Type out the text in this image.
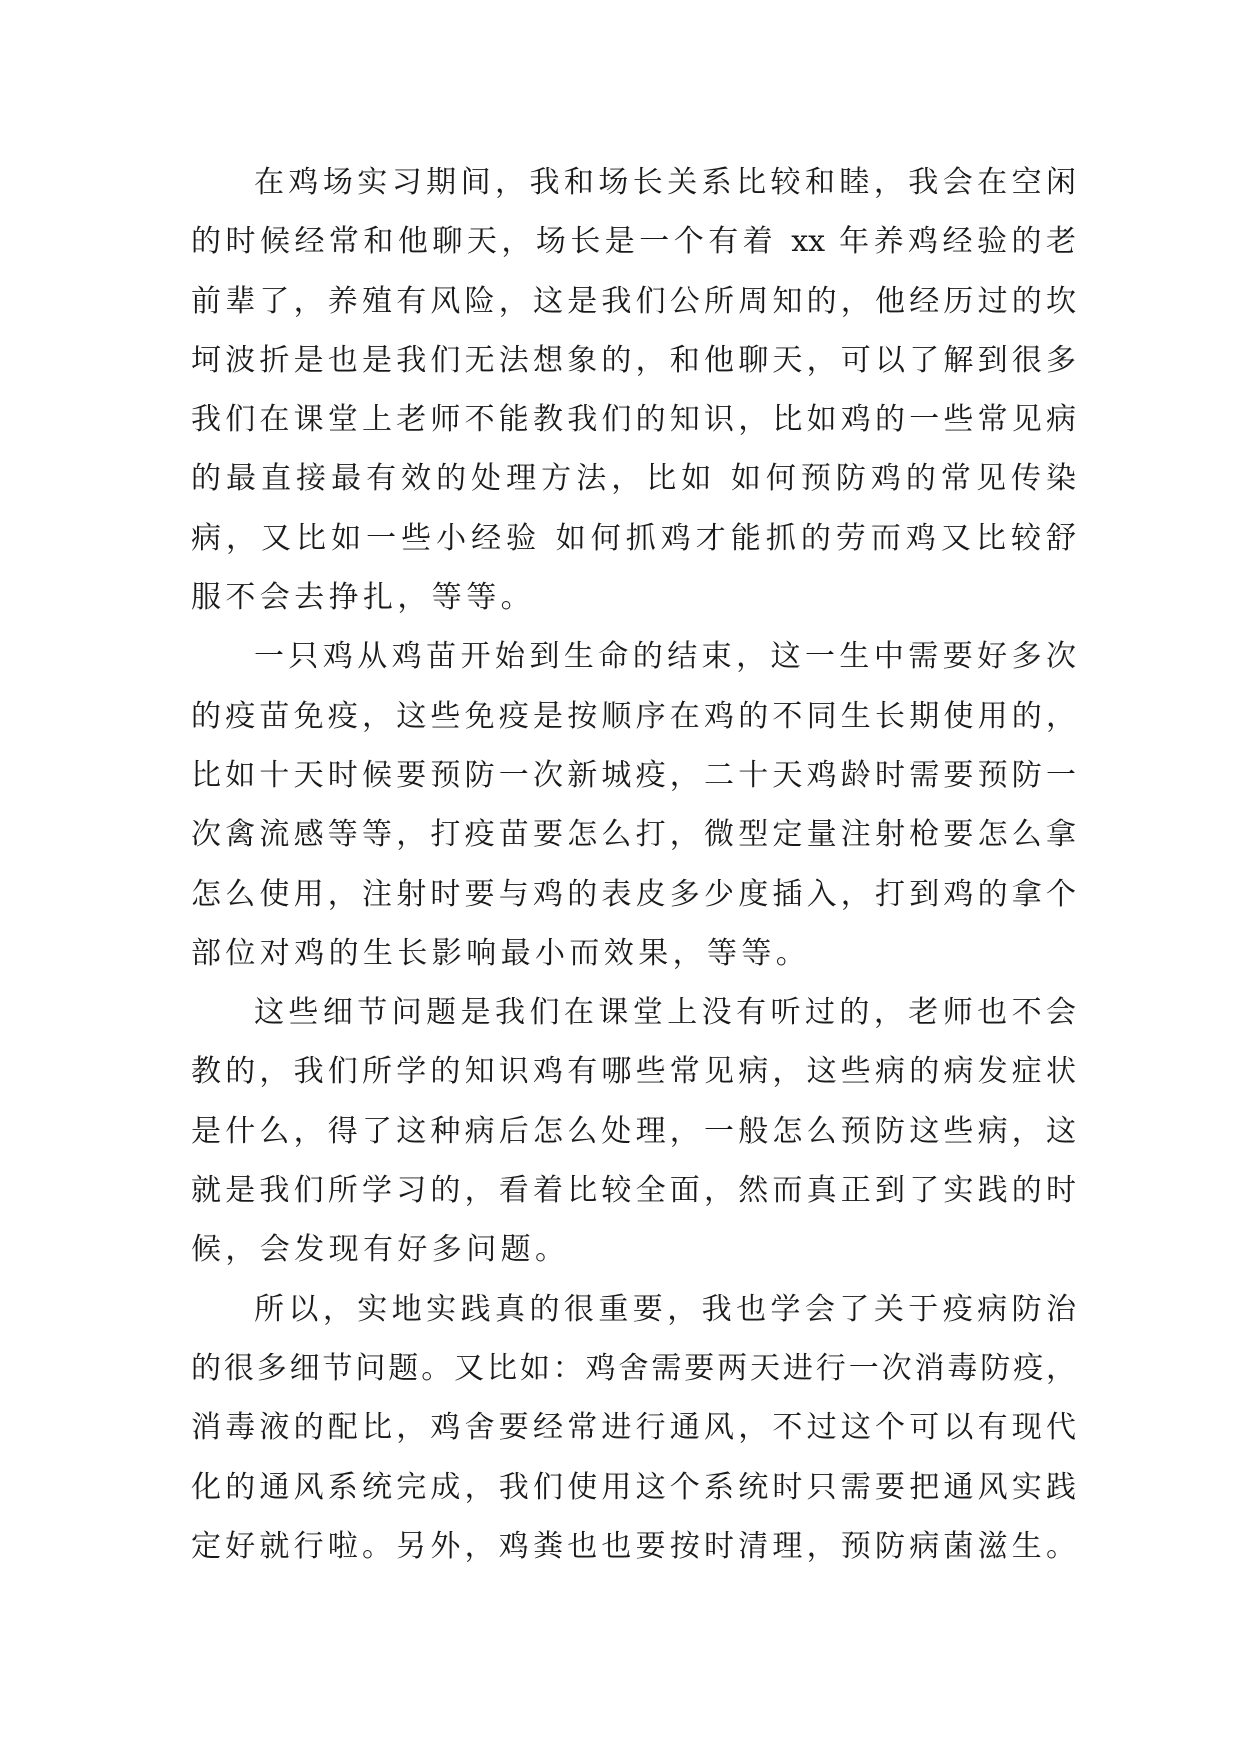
在鸡场实习期间，我和场长关系比较和睦，我会在空闲
的时候经常和他聊天，场长是一个有着 xx 年养鸡经验的老
前辈了，养殖有风险，这是我们公所周知的，他经历过的坎
坷波折是也是我们无法想象的，和他聊天，可以了解到很多
我们在课堂上老师不能教我们的知识，比如鸡的一些常见病
的最直接最有效的处理方法，比如 如何预防鸡的常见传染
病，又比如一些小经验 如何抓鸡才能抓的劳而鸡又比较舒
服不会去挣扎，等等。
一只鸡从鸡苗开始到生命的结束，这一生中需要好多次
的疫苗免疫，这些免疫是按顺序在鸡的不同生长期使用的，
比如十天时候要预防一次新城疫，二十天鸡龄时需要预防一
次禽流感等等，打疫苗要怎么打，微型定量注射枪要怎么拿
怎么使用，注射时要与鸡的表皮多少度插入，打到鸡的拿个
部位对鸡的生长影响最小而效果，等等。
这些细节问题是我们在课堂上没有听过的，老师也不会
教的，我们所学的知识鸡有哪些常见病，这些病的病发症状
是什么，得了这种病后怎么处理，一般怎么预防这些病，这
就是我们所学习的，看着比较全面，然而真正到了实践的时
候，会发现有好多问题。
所以，实地实践真的很重要，我也学会了关于疫病防治
的很多细节问题。又比如：鸡舍需要两天进行一次消毒防疫，
消毒液的配比，鸡舍要经常进行通风，不过这个可以有现代
化的通风系统完成，我们使用这个系统时只需要把通风实践
定好就行啦。另外，鸡粪也也要按时清理，预防病菌滋生。
